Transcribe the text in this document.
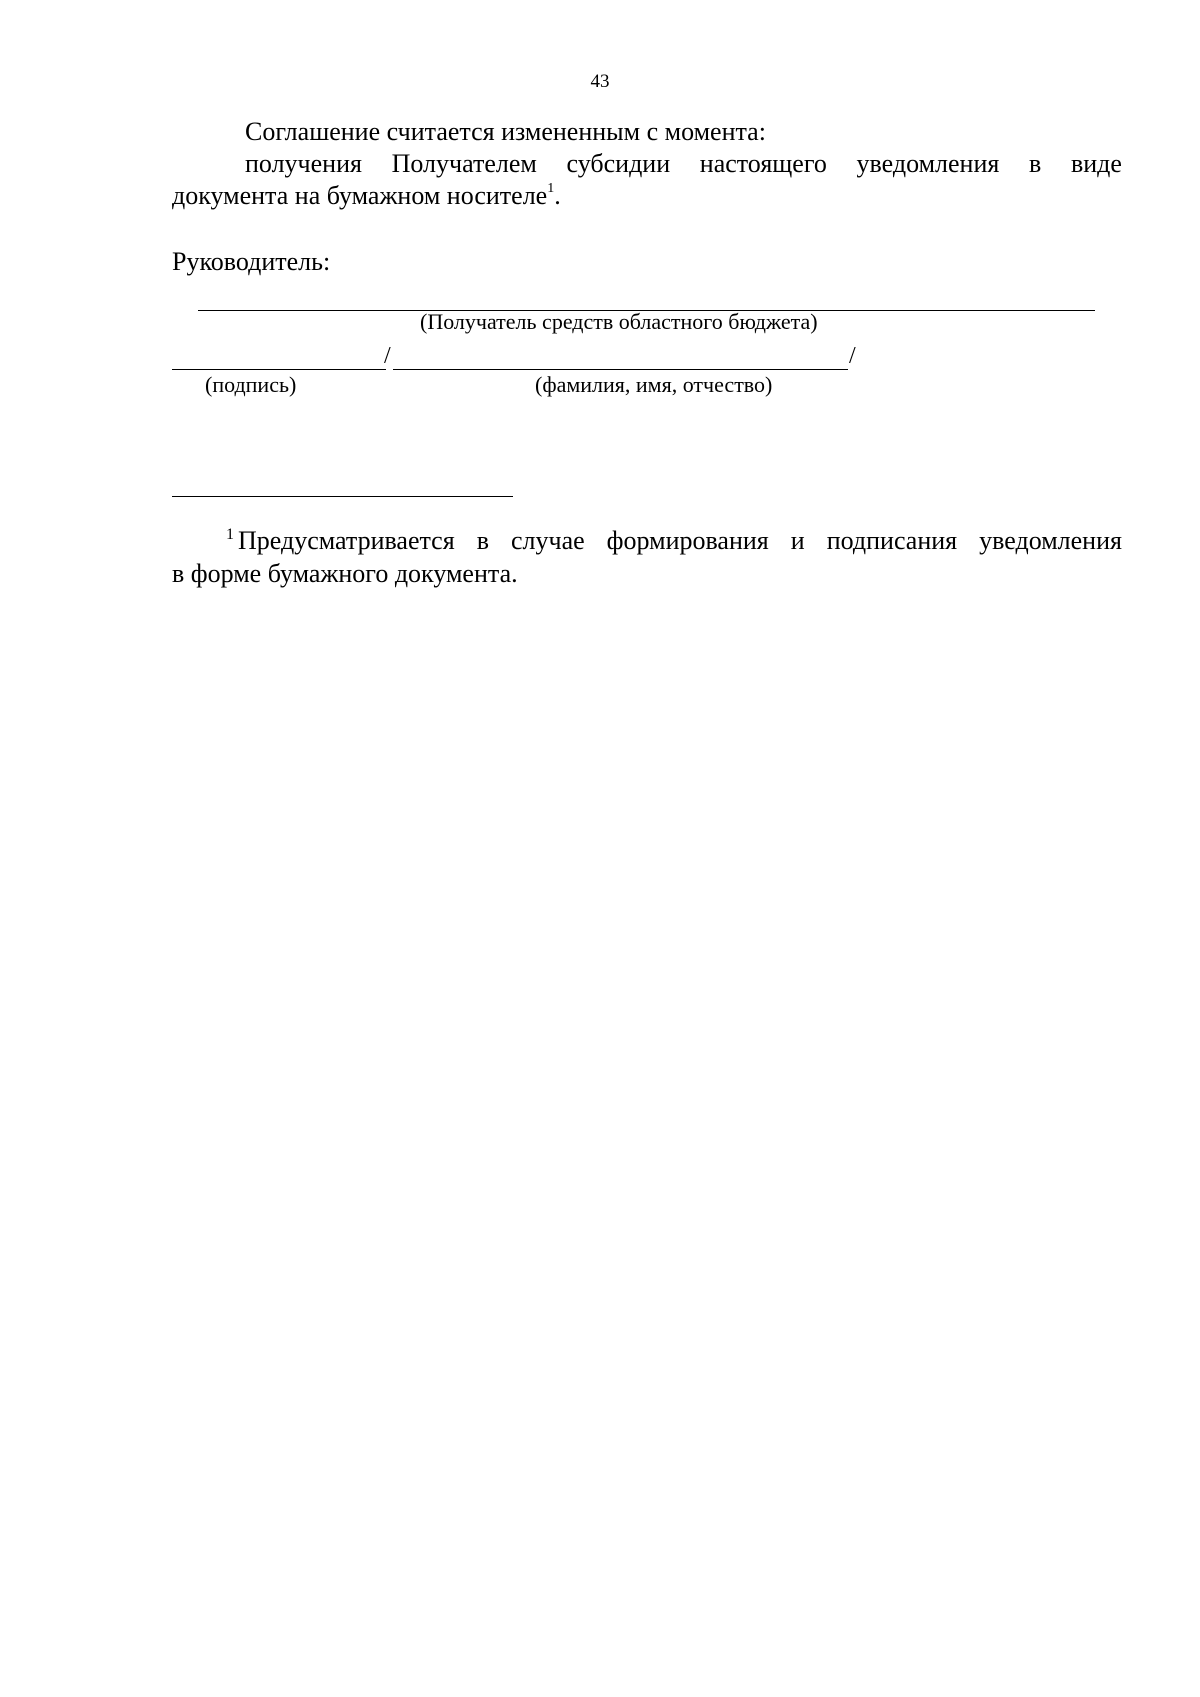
43
Соглашение считается измененным с момента:
получения Получателем субсидии настоящего уведомления в виде
документа на бумажном носителе$^1$.
Руководитель:
(Получатель средств областного бюджета)
/	/
(подпись)	(фамилия, имя, отчество)
$^1$ Предусматривается в случае формирования и подписания уведомления
в форме бумажного документа.
